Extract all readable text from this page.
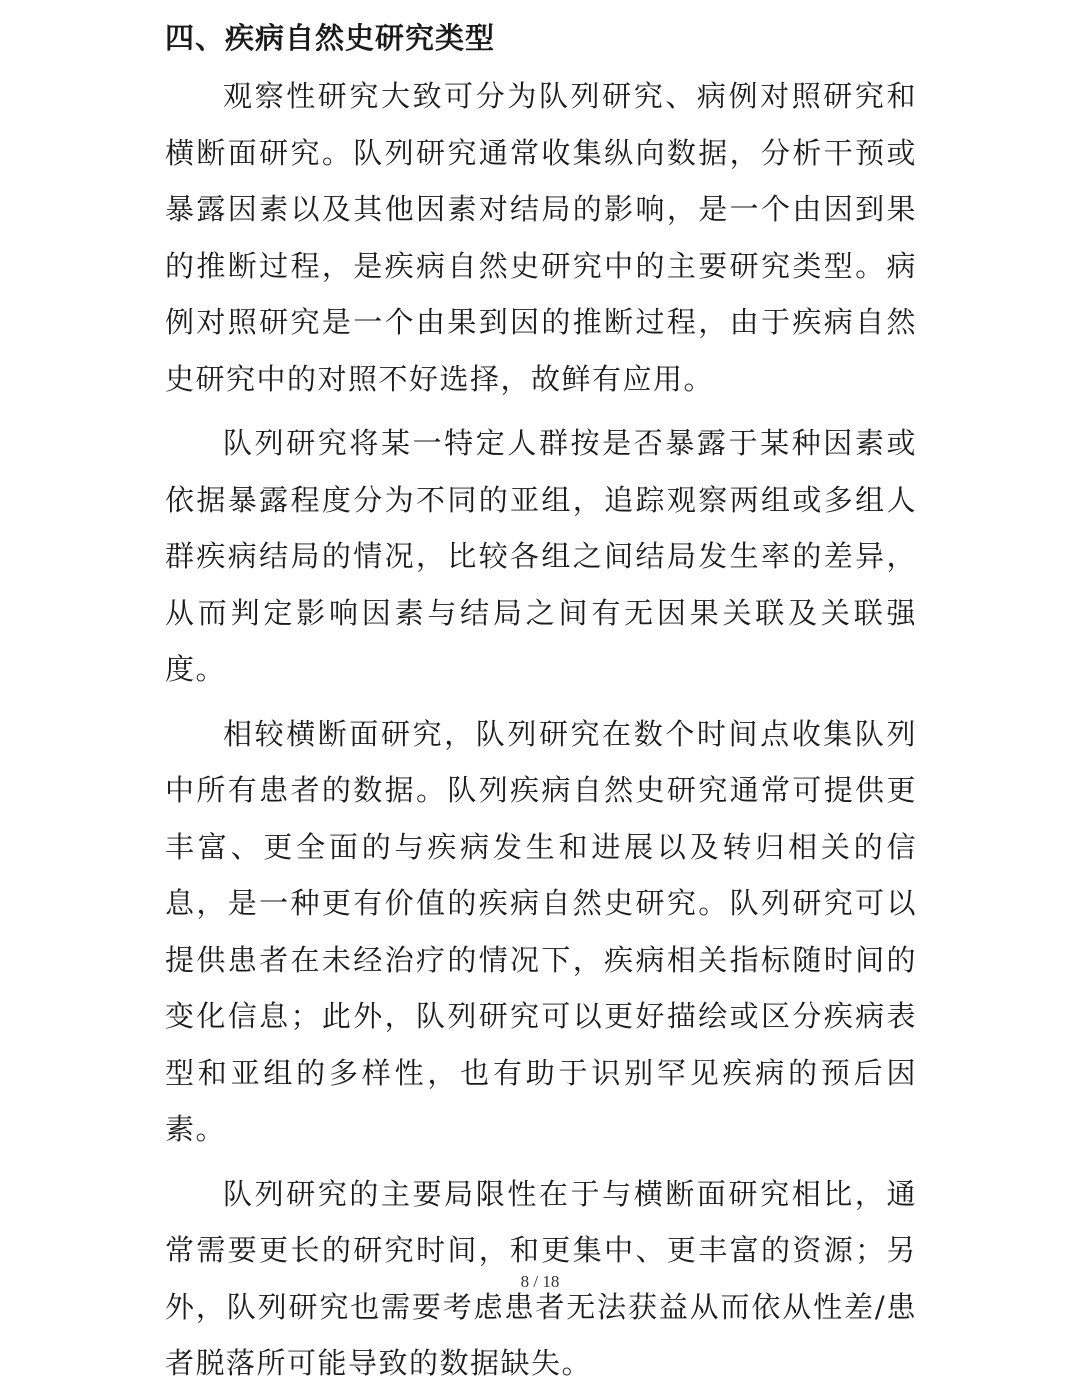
四、疾病自然史研究类型

观察性研究大致可分为队列研究、病例对照研究和横断面研究。队列研究通常收集纵向数据，分析干预或暴露因素以及其他因素对结局的影响，是一个由因到果的推断过程，是疾病自然史研究中的主要研究类型。病例对照研究是一个由果到因的推断过程，由于疾病自然史研究中的对照不好选择，故鲜有应用。

队列研究将某一特定人群按是否暴露于某种因素或依据暴露程度分为不同的亚组，追踪观察两组或多组人群疾病结局的情况，比较各组之间结局发生率的差异，从而判定影响因素与结局之间有无因果关联及关联强度。

相较横断面研究，队列研究在数个时间点收集队列中所有患者的数据。队列疾病自然史研究通常可提供更丰富、更全面的与疾病发生和进展以及转归相关的信息，是一种更有价值的疾病自然史研究。队列研究可以提供患者在未经治疗的情况下，疾病相关指标随时间的变化信息；此外，队列研究可以更好描绘或区分疾病表型和亚组的多样性，也有助于识别罕见疾病的预后因素。

队列研究的主要局限性在于与横断面研究相比，通常需要更长的研究时间，和更集中、更丰富的资源；另外，队列研究也需要考虑患者无法获益从而依从性差/患者脱落所可能导致的数据缺失。

8 / 18
